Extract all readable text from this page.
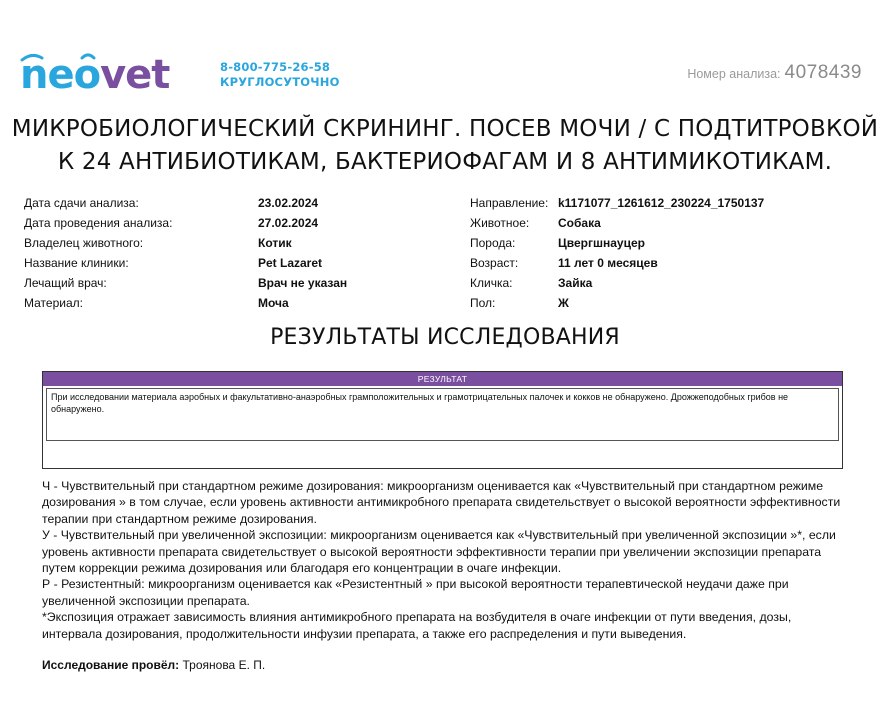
neovet	8-800-775-26-58
КРУГЛОСУТОЧНО
Номер анализа: 4078439
МИКРОБИОЛОГИЧЕСКИЙ СКРИНИНГ. ПОСЕВ МОЧИ / С ПОДТИТРОВКОЙ
К 24 АНТИБИОТИКАМ, БАКТЕРИОФАГАМ И 8 АНТИМИКОТИКАМ.
Дата сдачи анализа:
Дата проведения анализа:
Владелец животного:
Название клиники:
Лечащий врач:
Материал:
23.02.2024
27.02.2024
Котик
Pet Lazaret
Врач не указан
Моча
Направление:
Животное:
Порода:
Возраст:
Кличка:
Пол:
k1171077_1261612_230224_1750137
Собака
Цвергшнауцер
11 лет 0 месяцев
Зайка
Ж
РЕЗУЛЬТАТЫ ИССЛЕДОВАНИЯ
РЕЗУЛЬТАТ
При исследовании материала аэробных и факультативно-анаэробных грамположительных и грамотрицательных палочек и кокков не обнаружено. Дрожжеподобных грибов не обнаружено.
Ч - Чувствительный при стандартном режиме дозирования: микроорганизм оценивается как «Чувствительный при стандартном режиме дозирования » в том случае, если уровень активности антимикробного препарата свидетельствует о высокой вероятности эффективности терапии при стандартном режиме дозирования.
У - Чувствительный при увеличенной экспозиции: микроорганизм оценивается как «Чувствительный при увеличенной экспозиции »*, если уровень активности препарата свидетельствует о высокой вероятности эффективности терапии при увеличении экспозиции препарата путем коррекции режима дозирования или благодаря его концентрации в очаге инфекции.
Р - Резистентный: микроорганизм оценивается как «Резистентный » при высокой вероятности терапевтической неудачи даже при увеличенной экспозиции препарата.
*Экспозиция отражает зависимость влияния антимикробного препарата на возбудителя в очаге инфекции от пути введения, дозы, интервала дозирования, продолжительности инфузии препарата, а также его распределения и пути выведения.
Исследование провёл: Троянова Е. П.
